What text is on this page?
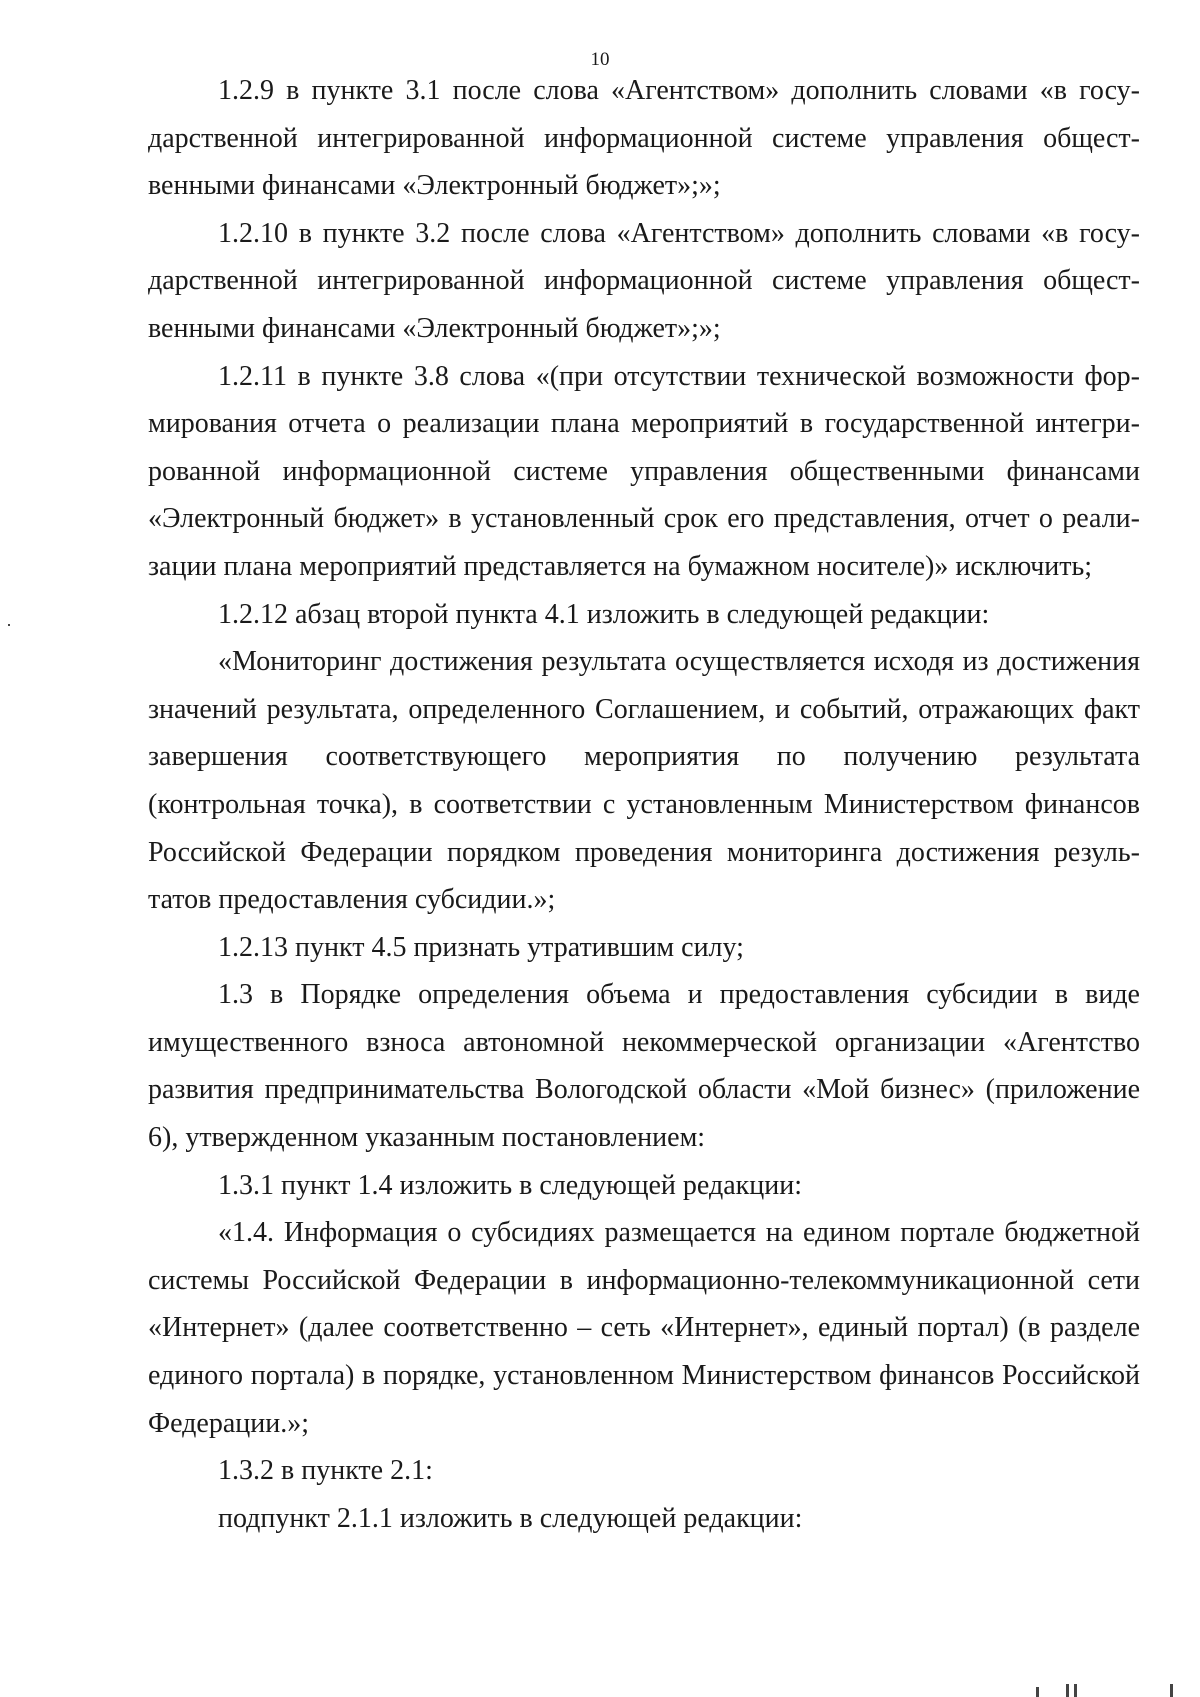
10

1.2.9 в пункте 3.1 после слова «Агентством» дополнить словами «в государственной интегрированной информационной системе управления общественными финансами «Электронный бюджет»;»;

1.2.10 в пункте 3.2 после слова «Агентством» дополнить словами «в государственной интегрированной информационной системе управления общественными финансами «Электронный бюджет»;»;

1.2.11 в пункте 3.8 слова «(при отсутствии технической возможности формирования отчета о реализации плана мероприятий в государственной интегрированной информационной системе управления общественными финансами «Электронный бюджет» в установленный срок его представления, отчет о реализации плана мероприятий представляется на бумажном носителе)» исключить;

1.2.12 абзац второй пункта 4.1 изложить в следующей редакции:

«Мониторинг достижения результата осуществляется исходя из достижения значений результата, определенного Соглашением, и событий, отражающих факт завершения соответствующего мероприятия по получению результата (контрольная точка), в соответствии с установленным Министерством финансов Российской Федерации порядком проведения мониторинга достижения результатов предоставления субсидии.»;

1.2.13 пункт 4.5 признать утратившим силу;

1.3 в Порядке определения объема и предоставления субсидии в виде имущественного взноса автономной некоммерческой организации «Агентство развития предпринимательства Вологодской области «Мой бизнес» (приложение 6), утвержденном указанным постановлением:

1.3.1 пункт 1.4 изложить в следующей редакции:

«1.4. Информация о субсидиях размещается на едином портале бюджетной системы Российской Федерации в информационно-телекоммуникационной сети «Интернет» (далее соответственно – сеть «Интернет», единый портал) (в разделе единого портала) в порядке, установленном Министерством финансов Российской Федерации.»;

1.3.2 в пункте 2.1:

подпункт 2.1.1 изложить в следующей редакции:
